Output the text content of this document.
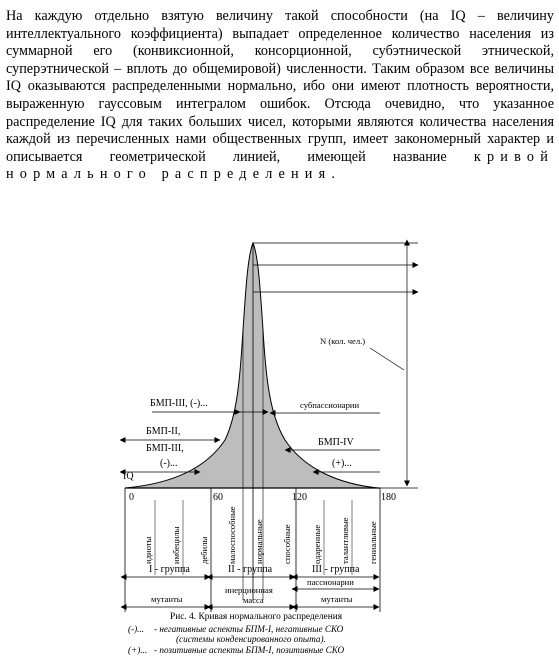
На каждую отдельно взятую величину такой способности (на IQ – величину интеллектуального коэффициента) выпадает определенное количество населения из суммарной его (конвиксионной, консорционной, субэтнической этнической, суперэтнической – вплоть до общемировой) численности. Таким образом все величины IQ оказываются распределенными нормально, ибо они имеют плотность вероятности, выраженную гауссовым интегралом ошибок. Отсюда очевидно, что указанное распределение IQ для таких больших чисел, которыми являются количества населения каждой из перечисленных нами общественных групп, имеет закономерный характер и описывается геометрической линией, имеющей название кривой нормального распределения.
IQ
N (кол. чел.)
БМП-III, (-)...
БМП-II,
БМП-III,
(-)...
субпассионарии
БМП-IV
(+)...
0	60	120	180
идиоты имбецилы дебилы малоспособные нормальные способные одаренные талантливые гениальные
I - группа	II - группа	III - группа
пассионарии
инерционная
масса
мутанты	мутанты
Рис. 4. Кривая нормального распределения
(-)... - негативные аспекты БПМ-I, негативные СКО
(системы конденсированного опыта).
(+)... - позитивные аспекты БПМ-I, позитивные СКО
